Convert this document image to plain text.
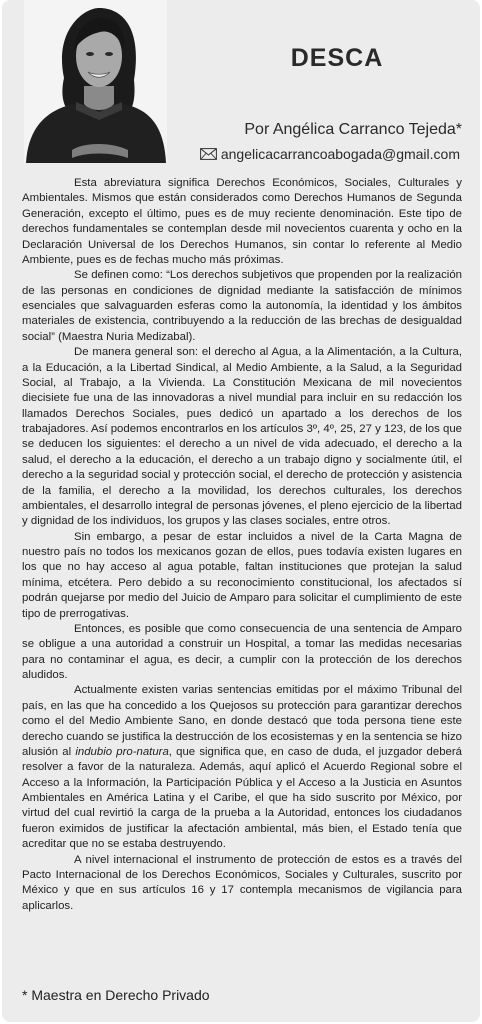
DESCA
Por Angélica Carranco Tejeda*
angelicacarrancoabogada@gmail.com

Esta abreviatura significa Derechos Económicos, Sociales, Culturales y Ambientales. Mismos que están considerados como Derechos Humanos de Segunda Generación, excepto el último, pues es de muy reciente denominación. Este tipo de derechos fundamentales se contemplan desde mil novecientos cuarenta y ocho en la Declaración Universal de los Derechos Humanos, sin contar lo referente al Medio Ambiente, pues es de fechas mucho más próximas.

Se definen como: “Los derechos subjetivos que propenden por la realización de las personas en condiciones de dignidad mediante la satisfacción de mínimos esenciales que salvaguarden esferas como la autonomía, la identidad y los ámbitos materiales de existencia, contribuyendo a la reducción de las brechas de desigualdad social” (Maestra Nuria Medizabal).

De manera general son: el derecho al Agua, a la Alimentación, a la Cultura, a la Educación, a la Libertad Sindical, al Medio Ambiente, a la Salud, a la Seguridad Social, al Trabajo, a la Vivienda. La Constitución Mexicana de mil novecientos diecisiete fue una de las innovadoras a nivel mundial para incluir en su redacción los llamados Derechos Sociales, pues dedicó un apartado a los derechos de los trabajadores. Así podemos encontrarlos en los artículos 3º, 4º, 25, 27 y 123, de los que se deducen los siguientes: el derecho a un nivel de vida adecuado, el derecho a la salud, el derecho a la educación, el derecho a un trabajo digno y socialmente útil, el derecho a la seguridad social y protección social, el derecho de protección y asistencia de la familia, el derecho a la movilidad, los derechos culturales, los derechos ambientales, el desarrollo integral de personas jóvenes, el pleno ejercicio de la libertad y dignidad de los individuos, los grupos y las clases sociales, entre otros.

Sin embargo, a pesar de estar incluidos a nivel de la Carta Magna de nuestro país no todos los mexicanos gozan de ellos, pues todavía existen lugares en los que no hay acceso al agua potable, faltan instituciones que protejan la salud mínima, etcétera. Pero debido a su reconocimiento constitucional, los afectados sí podrán quejarse por medio del Juicio de Amparo para solicitar el cumplimiento de este tipo de prerrogativas.

Entonces, es posible que como consecuencia de una sentencia de Amparo se obligue a una autoridad a construir un Hospital, a tomar las medidas necesarias para no contaminar el agua, es decir, a cumplir con la protección de los derechos aludidos.

Actualmente existen varias sentencias emitidas por el máximo Tribunal del país, en las que ha concedido a los Quejosos su protección para garantizar derechos como el del Medio Ambiente Sano, en donde destacó que toda persona tiene este derecho cuando se justifica la destrucción de los ecosistemas y en la sentencia se hizo alusión al indubio pro-natura, que significa que, en caso de duda, el juzgador deberá resolver a favor de la naturaleza. Además, aquí aplicó el Acuerdo Regional sobre el Acceso a la Información, la Participación Pública y el Acceso a la Justicia en Asuntos Ambientales en América Latina y el Caribe, el que ha sido suscrito por México, por virtud del cual revirtió la carga de la prueba a la Autoridad, entonces los ciudadanos fueron eximidos de justificar la afectación ambiental, más bien, el Estado tenía que acreditar que no se estaba destruyendo.

A nivel internacional el instrumento de protección de estos es a través del Pacto Internacional de los Derechos Económicos, Sociales y Culturales, suscrito por México y que en sus artículos 16 y 17 contempla mecanismos de vigilancia para aplicarlos.

* Maestra en Derecho Privado
